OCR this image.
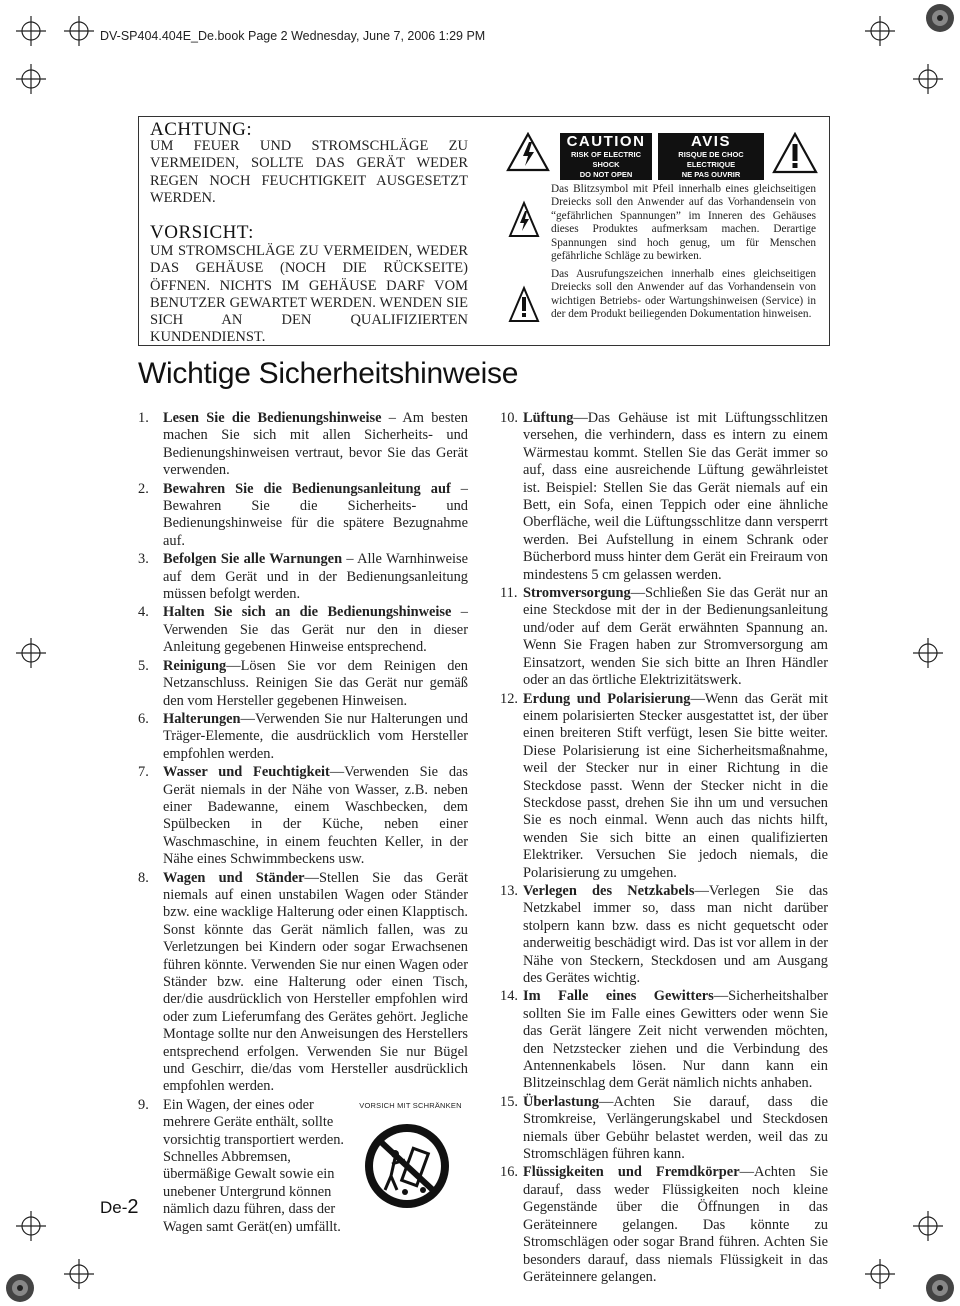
DV-SP404.404E_De.book Page 2 Wednesday, June 7, 2006 1:29 PM
ACHTUNG:
UM FEUER UND STROMSCHLÄGE ZU VERMEIDEN, SOLLTE DAS GERÄT WEDER REGEN NOCH FEUCHTIGKEIT AUSGESETZT WERDEN.
VORSICHT:
UM STROMSCHLÄGE ZU VERMEIDEN, WEDER DAS GEHÄUSE (NOCH DIE RÜCKSEITE) ÖFFNEN. NICHTS IM GEHÄUSE DARF VOM BENUTZER GEWARTET WERDEN. WENDEN SIE SICH AN DEN QUALIFIZIERTEN KUNDENDIENST.
CAUTION
RISK OF ELECTRIC SHOCK
DO NOT OPEN
AVIS
RISQUE DE CHOC ELECTRIQUE
NE PAS OUVRIR
Das Blitzsymbol mit Pfeil innerhalb eines gleichseitigen Dreiecks soll den Anwender auf das Vorhandensein von “gefährlichen Spannungen” im Inneren des Gehäuses dieses Produktes aufmerksam machen. Derartige Spannungen sind hoch genug, um für Menschen gefährliche Schläge zu bewirken.
Das Ausrufungszeichen innerhalb eines gleichseitigen Dreiecks soll den Anwender auf das Vorhandensein von wichtigen Betriebs- oder Wartungshinweisen (Service) in der dem Produkt beiliegenden Dokumentation hinweisen.
Wichtige Sicherheitshinweise
1. Lesen Sie die Bedienungshinweise – Am besten machen Sie sich mit allen Sicherheits- und Bedienungshinweisen vertraut, bevor Sie das Gerät verwenden.
2. Bewahren Sie die Bedienungsanleitung auf – Bewahren Sie die Sicherheits- und Bedienungshinweise für die spätere Bezugnahme auf.
3. Befolgen Sie alle Warnungen – Alle Warnhinweise auf dem Gerät und in der Bedienungsanleitung müssen befolgt werden.
4. Halten Sie sich an die Bedienungshinweise – Verwenden Sie das Gerät nur den in dieser Anleitung gegebenen Hinweise entsprechend.
5. Reinigung—Lösen Sie vor dem Reinigen den Netzanschluss. Reinigen Sie das Gerät nur gemäß den vom Hersteller gegebenen Hinweisen.
6. Halterungen—Verwenden Sie nur Halterungen und Träger-Elemente, die ausdrücklich vom Hersteller empfohlen werden.
7. Wasser und Feuchtigkeit—Verwenden Sie das Gerät niemals in der Nähe von Wasser, z.B. neben einer Badewanne, einem Waschbecken, dem Spülbecken in der Küche, neben einer Waschmaschine, in einem feuchten Keller, in der Nähe eines Schwimmbeckens usw.
8. Wagen und Ständer—Stellen Sie das Gerät niemals auf einen unstabilen Wagen oder Ständer bzw. eine wacklige Halterung oder einen Klapptisch. Sonst könnte das Gerät nämlich fallen, was zu Verletzungen bei Kindern oder sogar Erwachsenen führen könnte. Verwenden Sie nur einen Wagen oder Ständer bzw. eine Halterung oder einen Tisch, der/die ausdrücklich von Hersteller empfohlen wird oder zum Lieferumfang des Gerätes gehört. Jegliche Montage sollte nur den Anweisungen des Herstellers entsprechend erfolgen. Verwenden Sie nur Bügel und Geschirr, die/das vom Hersteller ausdrücklich empfohlen werden.
9. Ein Wagen, der eines oder mehrere Geräte enthält, sollte vorsichtig transportiert werden. Schnelles Abbremsen, übermäßige Gewalt sowie ein unebener Untergrund können nämlich dazu führen, dass der Wagen samt Gerät(en) umfällt.
VORSICH MIT SCHRÄNKEN
10. Lüftung—Das Gehäuse ist mit Lüftungsschlitzen versehen, die verhindern, dass es intern zu einem Wärmestau kommt. Stellen Sie das Gerät immer so auf, dass eine ausreichende Lüftung gewährleistet ist. Beispiel: Stellen Sie das Gerät niemals auf ein Bett, ein Sofa, einen Teppich oder eine ähnliche Oberfläche, weil die Lüftungsschlitze dann versperrt werden. Bei Aufstellung in einem Schrank oder Bücherbord muss hinter dem Gerät ein Freiraum von mindestens 5 cm gelassen werden.
11. Stromversorgung—Schließen Sie das Gerät nur an eine Steckdose mit der in der Bedienungsanleitung und/oder auf dem Gerät erwähnten Spannung an. Wenn Sie Fragen haben zur Stromversorgung am Einsatzort, wenden Sie sich bitte an Ihren Händler oder an das örtliche Elektrizitätswerk.
12. Erdung und Polarisierung—Wenn das Gerät mit einem polarisierten Stecker ausgestattet ist, der über einen breiteren Stift verfügt, lesen Sie bitte weiter. Diese Polarisierung ist eine Sicherheitsmaßnahme, weil der Stecker nur in einer Richtung in die Steckdose passt. Wenn der Stecker nicht in die Steckdose passt, drehen Sie ihn um und versuchen Sie es noch einmal. Wenn auch das nichts hilft, wenden Sie sich bitte an einen qualifizierten Elektriker. Versuchen Sie jedoch niemals, die Polarisierung zu umgehen.
13. Verlegen des Netzkabels—Verlegen Sie das Netzkabel immer so, dass man nicht darüber stolpern kann bzw. dass es nicht gequetscht oder anderweitig beschädigt wird. Das ist vor allem in der Nähe von Steckern, Steckdosen und am Ausgang des Gerätes wichtig.
14. Im Falle eines Gewitters—Sicherheitshalber sollten Sie im Falle eines Gewitters oder wenn Sie das Gerät längere Zeit nicht verwenden möchten, den Netzstecker ziehen und die Verbindung des Antennenkabels lösen. Nur dann kann ein Blitzeinschlag dem Gerät nämlich nichts anhaben.
15. Überlastung—Achten Sie darauf, dass die Stromkreise, Verlängerungskabel und Steckdosen niemals über Gebühr belastet werden, weil das zu Stromschlägen führen kann.
16. Flüssigkeiten und Fremdkörper—Achten Sie darauf, dass weder Flüssigkeiten noch kleine Gegenstände über die Öffnungen in das Geräteinnere gelangen. Das könnte zu Stromschlägen oder sogar Brand führen. Achten Sie besonders darauf, dass niemals Flüssigkeit in das Geräteinnere gelangen.
De-2
